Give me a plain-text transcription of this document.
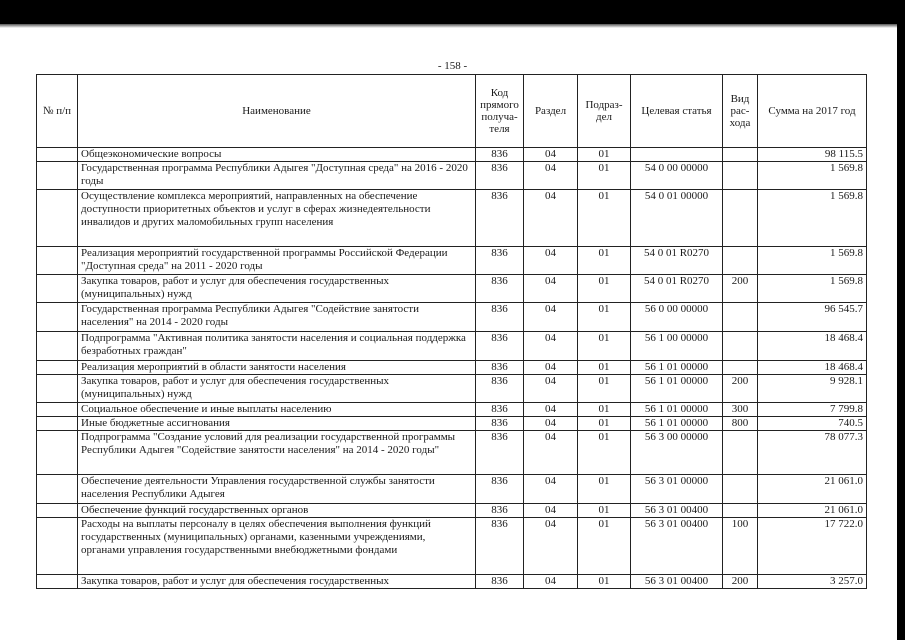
- 158 -
№ п/п	Наименование	Код прямого получа-теля	Раздел	Подраз-дел	Целевая статья	Вид рас-хода	Сумма на 2017 год
	Общеэкономические вопросы	836	04	01			98 115.5
	Государственная программа Республики Адыгея "Доступная среда" на 2016 - 2020 годы	836	04	01	54 0 00 00000		1 569.8
	Осуществление комплекса мероприятий, направленных на обеспечение доступности приоритетных объектов и услуг в сферах жизнедеятельности инвалидов и других маломобильных групп населения	836	04	01	54 0 01 00000		1 569.8
	Реализация мероприятий государственной программы Российской Федерации "Доступная среда" на 2011 - 2020 годы	836	04	01	54 0 01 R0270		1 569.8
	Закупка товаров, работ и услуг для обеспечения государственных (муниципальных) нужд	836	04	01	54 0 01 R0270	200	1 569.8
	Государственная программа Республики Адыгея "Содействие занятости населения" на 2014 - 2020 годы	836	04	01	56 0 00 00000		96 545.7
	Подпрограмма "Активная политика занятости населения и социальная поддержка безработных граждан"	836	04	01	56 1 00 00000		18 468.4
	Реализация мероприятий в области занятости населения	836	04	01	56 1 01 00000		18 468.4
	Закупка товаров, работ и услуг для обеспечения государственных (муниципальных) нужд	836	04	01	56 1 01 00000	200	9 928.1
	Социальное обеспечение и иные выплаты населению	836	04	01	56 1 01 00000	300	7 799.8
	Иные бюджетные ассигнования	836	04	01	56 1 01 00000	800	740.5
	Подпрограмма "Создание условий для реализации государственной программы Республики Адыгея "Содействие занятости населения" на 2014 - 2020 годы"	836	04	01	56 3 00 00000		78 077.3
	Обеспечение деятельности Управления государственной службы занятости населения Республики Адыгея	836	04	01	56 3 01 00000		21 061.0
	Обеспечение функций государственных органов	836	04	01	56 3 01 00400		21 061.0
	Расходы на выплаты персоналу в целях обеспечения выполнения функций государственных (муниципальных) органами, казенными учреждениями, органами управления государственными внебюджетными фондами	836	04	01	56 3 01 00400	100	17 722.0
	Закупка товаров, работ и услуг для обеспечения государственных	836	04	01	56 3 01 00400	200	3 257.0
